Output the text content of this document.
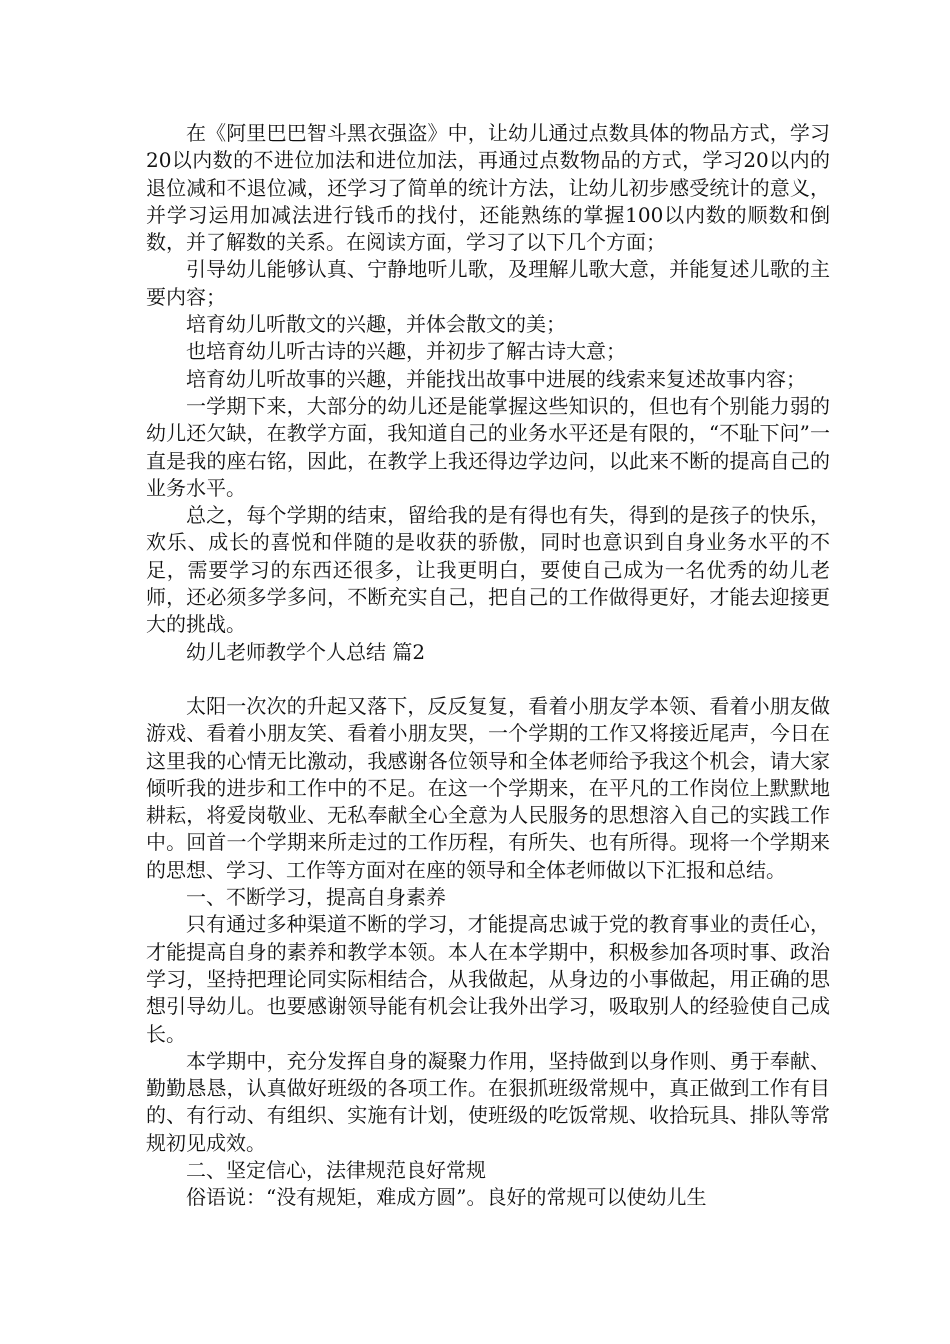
在《阿里巴巴智斗黑衣强盗》中，让幼儿通过点数具体的物品方式，学习20以内数的不进位加法和进位加法，再通过点数物品的方式，学习20以内的退位减和不退位减，还学习了简单的统计方法，让幼儿初步感受统计的意义，并学习运用加减法进行钱币的找付，还能熟练的掌握100以内数的顺数和倒数，并了解数的关系。在阅读方面，学习了以下几个方面；

引导幼儿能够认真、宁静地听儿歌，及理解儿歌大意，并能复述儿歌的主要内容；

培育幼儿听散文的兴趣，并体会散文的美；

也培育幼儿听古诗的兴趣，并初步了解古诗大意；

培育幼儿听故事的兴趣，并能找出故事中进展的线索来复述故事内容；

一学期下来，大部分的幼儿还是能掌握这些知识的，但也有个别能力弱的幼儿还欠缺，在教学方面，我知道自己的业务水平还是有限的，“不耻下问”一直是我的座右铭，因此，在教学上我还得边学边问，以此来不断的提高自己的业务水平。

总之，每个学期的结束，留给我的是有得也有失，得到的是孩子的快乐，欢乐、成长的喜悦和伴随的是收获的骄傲，同时也意识到自身业务水平的不足，需要学习的东西还很多，让我更明白，要使自己成为一名优秀的幼儿老师，还必须多学多问，不断充实自己，把自己的工作做得更好，才能去迎接更大的挑战。

幼儿老师教学个人总结 篇2

太阳一次次的升起又落下，反反复复，看着小朋友学本领、看着小朋友做游戏、看着小朋友笑、看着小朋友哭，一个学期的工作又将接近尾声，今日在这里我的心情无比激动，我感谢各位领导和全体老师给予我这个机会，请大家倾听我的进步和工作中的不足。在这一个学期来，在平凡的工作岗位上默默地耕耘，将爱岗敬业、无私奉献全心全意为人民服务的思想溶入自己的实践工作中。回首一个学期来所走过的工作历程，有所失、也有所得。现将一个学期来的思想、学习、工作等方面对在座的领导和全体老师做以下汇报和总结。

一、不断学习，提高自身素养

只有通过多种渠道不断的学习，才能提高忠诚于党的教育事业的责任心，才能提高自身的素养和教学本领。本人在本学期中，积极参加各项时事、政治学习，坚持把理论同实际相结合，从我做起，从身边的小事做起，用正确的思想引导幼儿。也要感谢领导能有机会让我外出学习，吸取别人的经验使自己成长。

本学期中，充分发挥自身的凝聚力作用，坚持做到以身作则、勇于奉献、勤勤恳恳，认真做好班级的各项工作。在狠抓班级常规中，真正做到工作有目的、有行动、有组织、实施有计划，使班级的吃饭常规、收拾玩具、排队等常规初见成效。

二、坚定信心，法律规范良好常规

俗语说：“没有规矩，难成方圆”。良好的常规可以使幼儿生
